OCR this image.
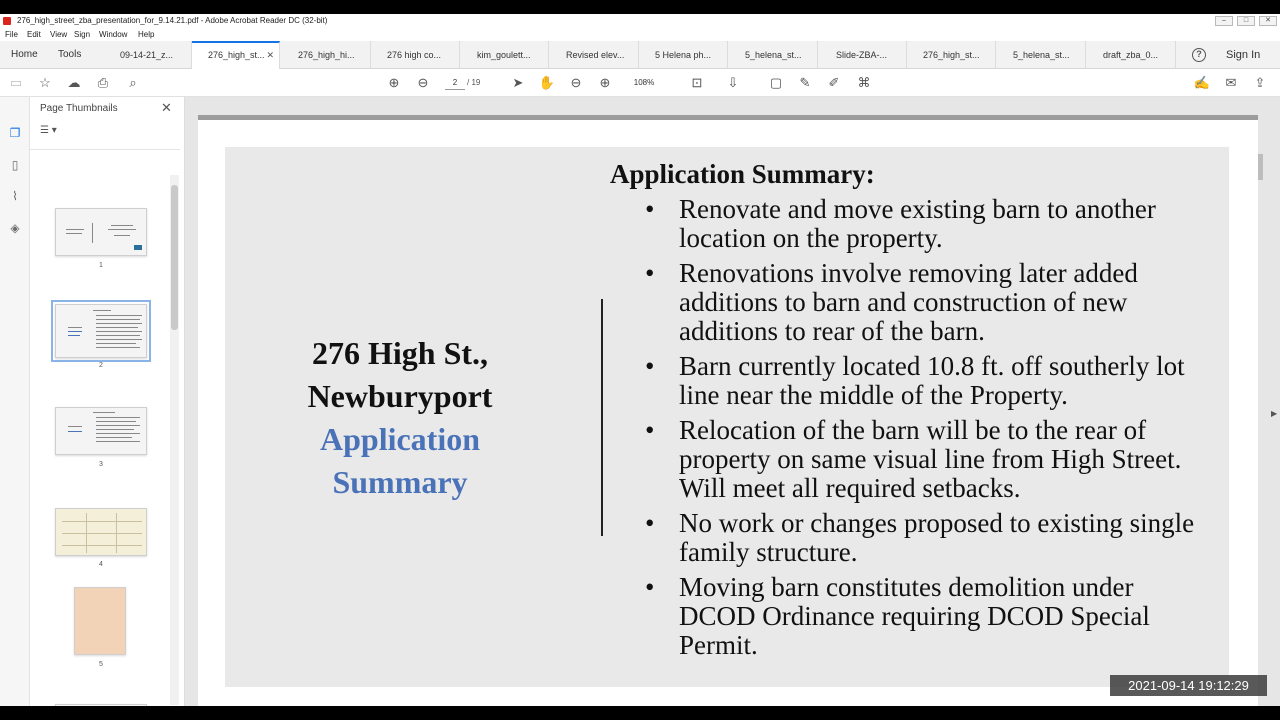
276_high_street_zba_presentation_for_9.14.21.pdf - Adobe Acrobat Reader DC (32-bit)	–	□	✕
File Edit View Sign Window Help
Home Tools	09-14-21_z...	276_high_st... ✕	276_high_hi...	276 high co...	kim_goulett...	Revised elev...	5 Helena ph...	5_helena_st...	Slide-ZBA-...	276_high_st...	5_helena_st...	draft_zba_0...	?	Sign In
▭ ☆ ☁ ⎙	⌕	⊕ ⊖	2	/ 19 ➤ ✋ ⊖ ⊕	108%	⊡ ⇩ ▢ ✎ ✐ ⌘	✍ ✉ ⇪
❐
▯
⌇
◈
Page Thumbnails	✕
☰ ▾
1
2
3
4
5
Application Summary:
276 High St.,
Newburyport
Application
Summary
• Renovate and move existing barn to another location on the property.
• Renovations involve removing later added additions to barn and construction of new additions to rear of the barn.
• Barn currently located 10.8 ft. off southerly lot line near the middle of the Property.
• Relocation of the barn will be to the rear of property on same visual line from High Street. Will meet all required setbacks.
• No work or changes proposed to existing single family structure.
• Moving barn constitutes demolition under DCOD Ordinance requiring DCOD Special Permit.
▶
2021-09-14 19:12:29
